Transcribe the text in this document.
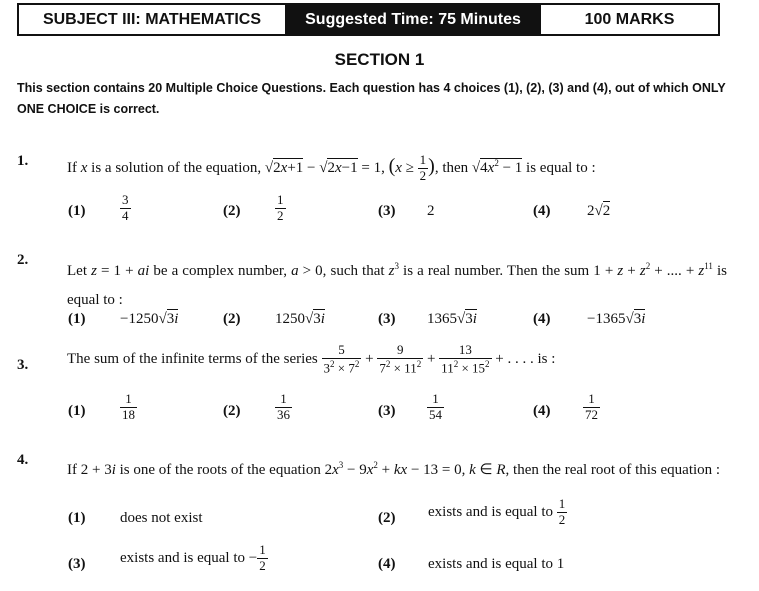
SUBJECT III: MATHEMATICS	Suggested Time: 75 Minutes	100 MARKS
SECTION 1
This section contains 20 Multiple Choice Questions. Each question has 4 choices (1), (2), (3) and (4), out of which ONLY ONE CHOICE is correct.
1.	If x is a solution of the equation, √2x+1 − √2x−1 = 1, ($x \ge \frac{1}{2}$ ), then $√4x^2 - 1$ is equal to :
(1)	$\frac{3}{4}$	(2)	$\frac{1}{2}$	(3) 2	(4) 2√2
2.
Let z = 1 + ai be a complex number, a > 0, such that $z^3$ is a real number. Then the sum $1 + z + z^2$ + .... + $z^{11}$ is equal to :
(1) −1250√3i	(2) 1250√3i	(3) 1365√3i	(4) −1365√3i
3.	The sum of the infinite terms of the series $\frac{5}{3^2 \times 7^2} + \frac{9}{7^2 \times 11^2} + \frac{13}{11^2 \times 15^2}$ + . . . . is :
(1)	$\frac{1}{18}$	(2)	$\frac{1}{36}$	$(3) \frac{1}{54}$	(4)	$\frac{1}{72}$
4.
If 2 + 3i is one of the roots of the equation $2x^3 - 9x^2$ + kx − 13 = 0, k ∈ R, then the real root of this equation :
(1) does not exist	(2) exists and is equal to $\frac{1}{2}$
(3) exists and is equal to − $\frac{1}{2}$	(4) exists and is equal to 1
